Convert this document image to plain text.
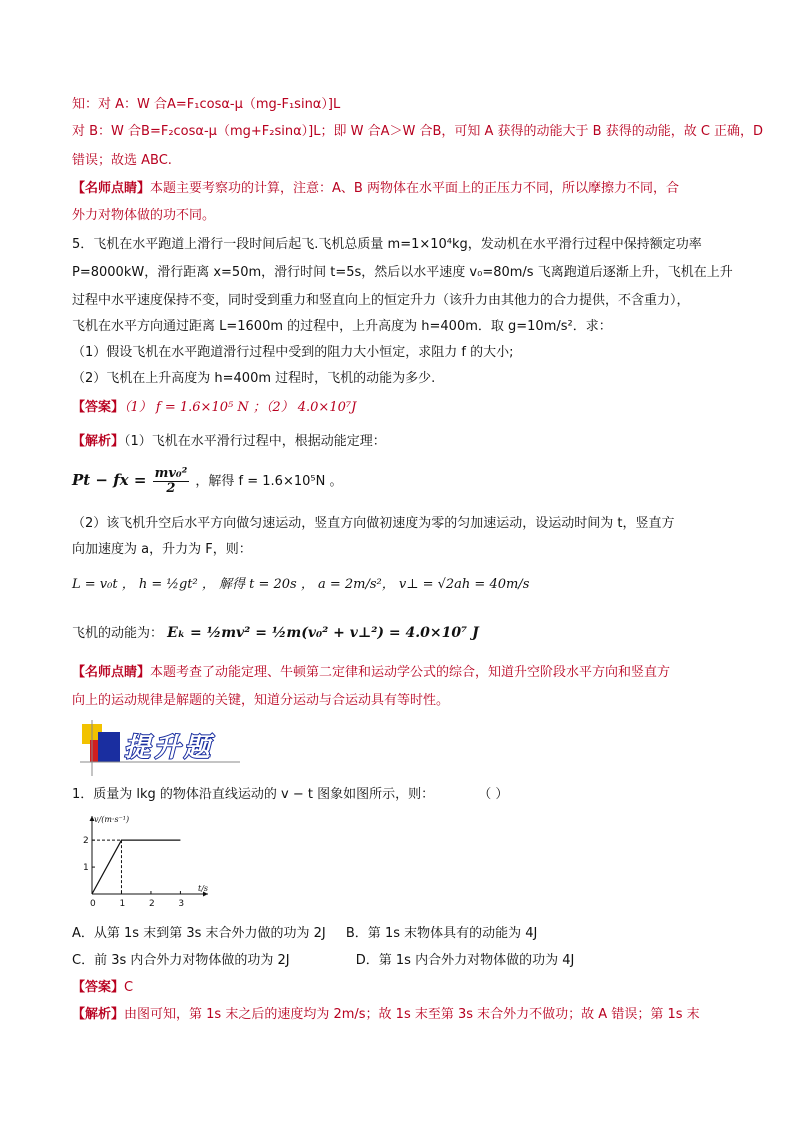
知：对 A：W 合A=F₁cosα-μ（mg-F₁sinα）]L
对 B：W 合B=F₂cosα-μ（mg+F₂sinα）]L；即 W 合A＞W 合B，可知 A 获得的动能大于 B 获得的动能，故 C 正确，D
错误；故选 ABC.
【名师点睛】本题主要考察功的计算，注意：A、B 两物体在水平面上的正压力不同，所以摩擦力不同，合
外力对物体做的功不同。
5．飞机在水平跑道上滑行一段时间后起飞.飞机总质量 m=1×10⁴kg，发动机在水平滑行过程中保持额定功率
P=8000kW，滑行距离 x=50m，滑行时间 t=5s，然后以水平速度 v₀=80m/s 飞离跑道后逐渐上升，飞机在上升
过程中水平速度保持不变，同时受到重力和竖直向上的恒定升力（该升力由其他力的合力提供，不含重力），
飞机在水平方向通过距离 L=1600m 的过程中，上升高度为 h=400m．取 g=10m/s²．求：
（1）假设飞机在水平跑道滑行过程中受到的阻力大小恒定，求阻力 f 的大小;
（2）飞机在上升高度为 h=400m 过程时，飞机的动能为多少.
【答案】（1） f = 1.6×10⁵ N ；（2） 4.0×10⁷J
【解析】（1）飞机在水平滑行过程中，根据动能定理：
Pt − fx = $\frac{\text{mv₀²}}{2}$ ，解得 f = 1.6×10⁵N 。
（2）该飞机升空后水平方向做匀速运动，竖直方向做初速度为零的匀加速运动，设运动时间为 t，竖直方
向加速度为 a，升力为 F，则：
L = v₀t ， h = ½gt² ， 解得 t = 20s ， a = 2m/s²， v⊥ = √2ah = 40m/s
飞机的动能为： Eₖ = ½mv² = ½m(v₀² + v⊥²) = 4.0×10⁷ J
【名师点睛】本题考查了动能定理、牛顿第二定律和运动学公式的综合，知道升空阶段水平方向和竖直方
向上的运动规律是解题的关键，知道分运动与合运动具有等时性。
提升题
1．质量为 lkg 的物体沿直线运动的 v − t 图象如图所示，则：	（ ）
v/(m·s⁻¹)
t/s
0	1	2	3
1
2
A．从第 1s 末到第 3s 末合外力做的功为 2J B．第 1s 末物体具有的动能为 4J
C．前 3s 内合外力对物体做的功为 2J	D．第 1s 内合外力对物体做的功为 4J
【答案】C
【解析】由图可知，第 1s 末之后的速度均为 2m/s；故 1s 末至第 3s 末合外力不做功；故 A 错误；第 1s 末
